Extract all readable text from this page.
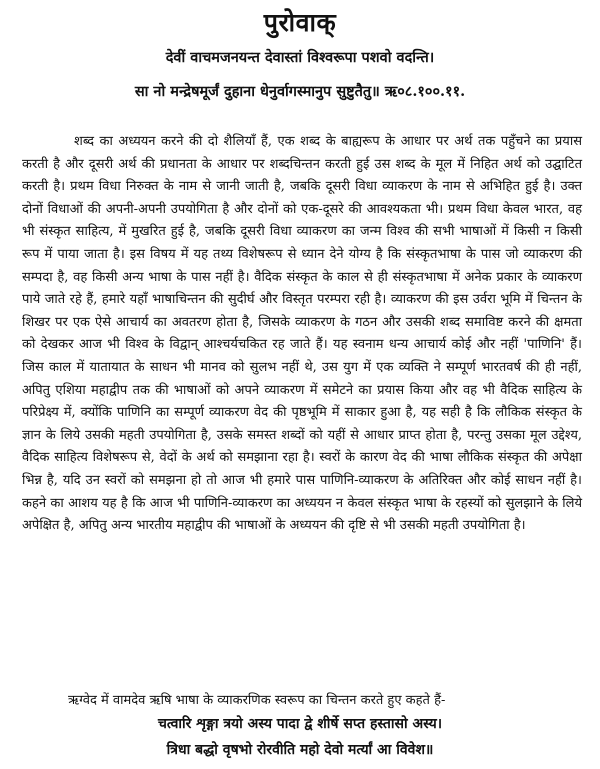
पुरोवाक्
देवीं वाचमजनयन्त देवास्तां विश्वरूपा पशवो वदन्ति।
सा नो मन्द्रेषमूर्जं दुहाना धेनुर्वागस्मानुप सुष्टुतैतु॥ ऋ०८.१००.११.

शब्द का अध्ययन करने की दो शैलियाँ हैं, एक शब्द के बाह्यरूप के आधार पर अर्थ तक पहुँचने का प्रयास करती है और दूसरी अर्थ की प्रधानता के आधार पर शब्दचिन्तन करती हुई उस शब्द के मूल में निहित अर्थ को उद्घाटित करती है। प्रथम विधा निरुक्त के नाम से जानी जाती है, जबकि दूसरी विधा व्याकरण के नाम से अभिहित हुई है। उक्त दोनों विधाओं की अपनी-अपनी उपयोगिता है और दोनों को एक-दूसरे की आवश्यकता भी। प्रथम विधा केवल भारत, वह भी संस्कृत साहित्य, में मुखरित हुई है, जबकि दूसरी विधा व्याकरण का जन्म विश्व की सभी भाषाओं में किसी न किसी रूप में पाया जाता है। इस विषय में यह तथ्य विशेषरूप से ध्यान देने योग्य है कि संस्कृतभाषा के पास जो व्याकरण की सम्पदा है, वह किसी अन्य भाषा के पास नहीं है। वैदिक संस्कृत के काल से ही संस्कृतभाषा में अनेक प्रकार के व्याकरण पाये जाते रहे हैं, हमारे यहाँ भाषाचिन्तन की सुदीर्घ और विस्तृत परम्परा रही है। व्याकरण की इस उर्वरा भूमि में चिन्तन के शिखर पर एक ऐसे आचार्य का अवतरण होता है, जिसके व्याकरण के गठन और उसकी शब्द समाविष्ट करने की क्षमता को देखकर आज भी विश्व के विद्वान् आश्चर्यचकित रह जाते हैं। यह स्वनाम धन्य आचार्य कोई और नहीं 'पाणिनि' हैं। जिस काल में यातायात के साधन भी मानव को सुलभ नहीं थे, उस युग में एक व्यक्ति ने सम्पूर्ण भारतवर्ष की ही नहीं, अपितु एशिया महाद्वीप तक की भाषाओं को अपने व्याकरण में समेटने का प्रयास किया और वह भी वैदिक साहित्य के परिप्रेक्ष्य में, क्योंकि पाणिनि का सम्पूर्ण व्याकरण वेद की पृष्ठभूमि में साकार हुआ है, यह सही है कि लौकिक संस्कृत के ज्ञान के लिये उसकी महती उपयोगिता है, उसके समस्त शब्दों को यहीं से आधार प्राप्त होता है, परन्तु उसका मूल उद्देश्य, वैदिक साहित्य विशेषरूप से, वेदों के अर्थ को समझाना रहा है। स्वरों के कारण वेद की भाषा लौकिक संस्कृत की अपेक्षा भिन्न है, यदि उन स्वरों को समझना हो तो आज भी हमारे पास पाणिनि-व्याकरण के अतिरिक्त और कोई साधन नहीं है। कहने का आशय यह है कि आज भी पाणिनि-व्याकरण का अध्ययन न केवल संस्कृत भाषा के रहस्यों को सुलझाने के लिये अपेक्षित है, अपितु अन्य भारतीय महाद्वीप की भाषाओं के अध्ययन की दृष्टि से भी उसकी महती उपयोगिता है।

ऋग्वेद में वामदेव ऋषि भाषा के व्याकरणिक स्वरूप का चिन्तन करते हुए कहते हैं-
चत्वारि शृङ्गा त्रयो अस्य पादा द्वे शीर्षे सप्त हस्तासो अस्य।
त्रिधा बद्धो वृषभो रोरवीति महो देवो मर्त्यां आ विवेश॥
